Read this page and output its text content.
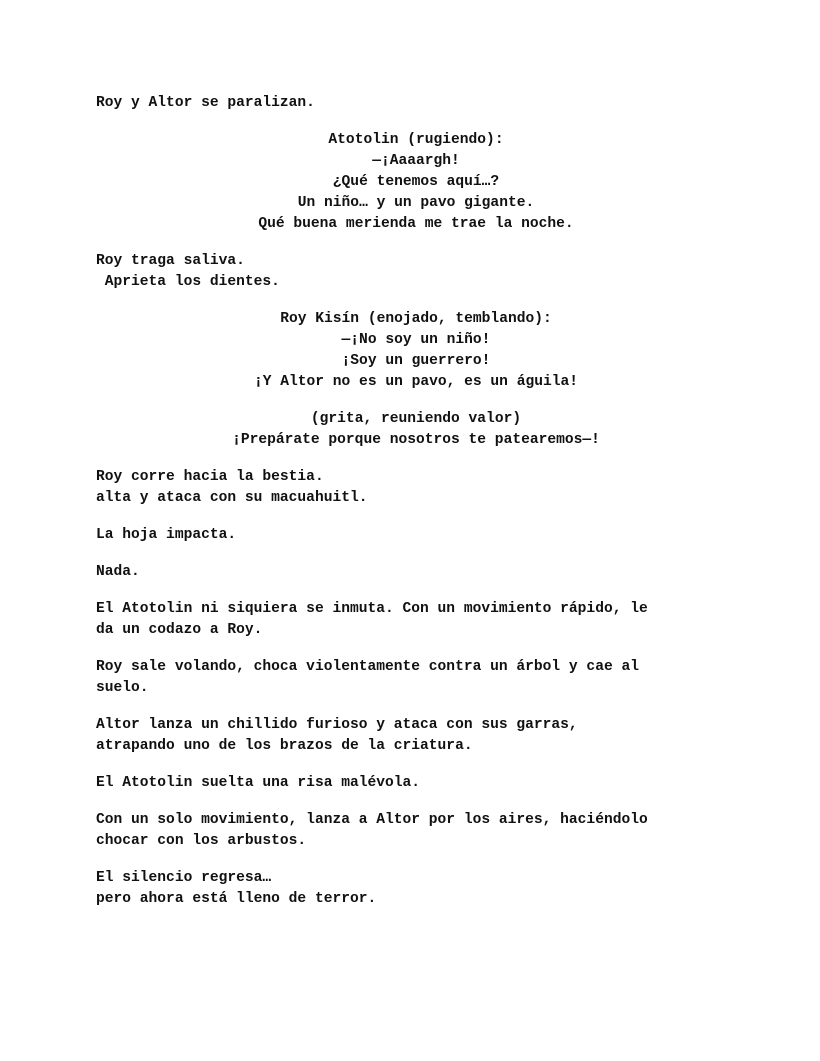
Roy y Altor se paralizan.
Atotolin (rugiendo):
—¡Aaaargh!
¿Qué tenemos aquí…?
Un niño… y un pavo gigante.
Qué buena merienda me trae la noche.
Roy traga saliva.
Aprieta los dientes.
Roy Kisín (enojado, temblando):
—¡No soy un niño!
¡Soy un guerrero!
¡Y Altor no es un pavo, es un águila!
(grita, reuniendo valor)
¡Prepárate porque nosotros te patearemos—!
Roy corre hacia la bestia.
alta y ataca con su macuahuitl.
La hoja impacta.
Nada.
El Atotolin ni siquiera se inmuta. Con un movimiento rápido, le
da un codazo a Roy.
Roy sale volando, choca violentamente contra un árbol y cae al
suelo.
Altor lanza un chillido furioso y ataca con sus garras,
atrapando uno de los brazos de la criatura.
El Atotolin suelta una risa malévola.
Con un solo movimiento, lanza a Altor por los aires, haciéndolo
chocar con los arbustos.
El silencio regresa…
pero ahora está lleno de terror.
